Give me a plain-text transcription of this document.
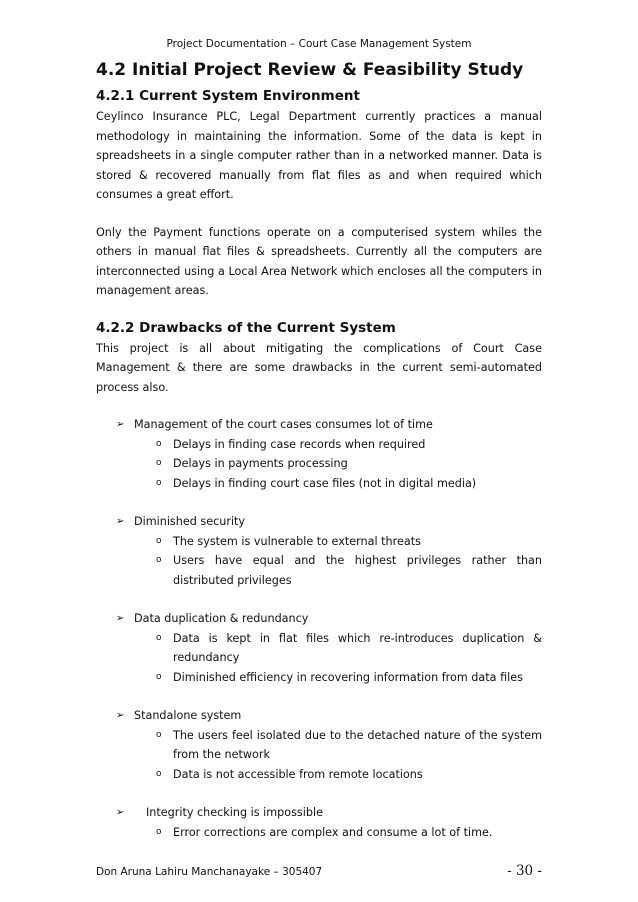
Project Documentation – Court Case Management System
4.2 Initial Project Review & Feasibility Study
4.2.1 Current System Environment

Ceylinco Insurance PLC, Legal Department currently practices a manual methodology in maintaining the information. Some of the data is kept in spreadsheets in a single computer rather than in a networked manner. Data is stored & recovered manually from flat files as and when required which consumes a great effort.

Only the Payment functions operate on a computerised system whiles the others in manual flat files & spreadsheets. Currently all the computers are interconnected using a Local Area Network which encloses all the computers in management areas.

4.2.2 Drawbacks of the Current System

This project is all about mitigating the complications of Court Case Management & there are some drawbacks in the current semi-automated process also.

➢ Management of the court cases consumes lot of time
o Delays in finding case records when required
o Delays in payments processing
o Delays in finding court case files (not in digital media)
➢ Diminished security
o The system is vulnerable to external threats
o Users have equal and the highest privileges rather than distributed privileges
➢ Data duplication & redundancy
o Data is kept in flat files which re-introduces duplication & redundancy
o Diminished efficiency in recovering information from data files
➢ Standalone system
o The users feel isolated due to the detached nature of the system from the network
o Data is not accessible from remote locations
➢ Integrity checking is impossible
o Error corrections are complex and consume a lot of time.
Don Aruna Lahiru Manchanayake – 305407	- 30 -
